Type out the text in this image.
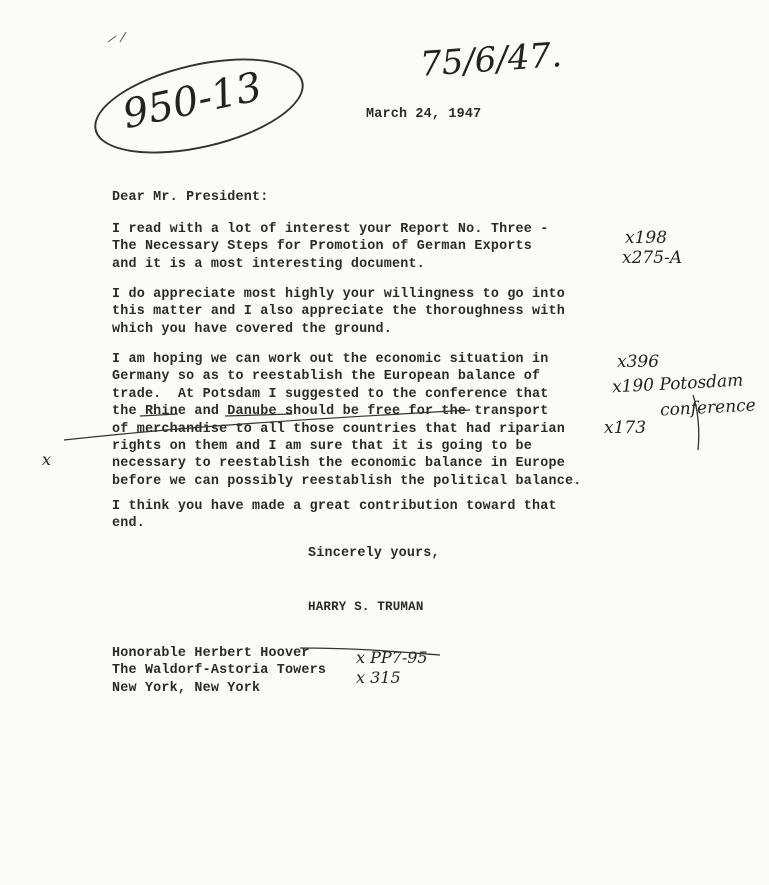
950-13
75/6/47.
March 24, 1947
Dear Mr. President:
I read with a lot of interest your Report No. Three -
The Necessary Steps for Promotion of German Exports
and it is a most interesting document.
I do appreciate most highly your willingness to go into
this matter and I also appreciate the thoroughness with
which you have covered the ground.
I am hoping we can work out the economic situation in
Germany so as to reestablish the European balance of
trade.  At Potsdam I suggested to the conference that
the Rhine and Danube should be free for the transport
of merchandise to all those countries that had riparian
rights on them and I am sure that it is going to be
necessary to reestablish the economic balance in Europe
before we can possibly reestablish the political balance.
I think you have made a great contribution toward that
end.
Sincerely yours,
HARRY S. TRUMAN
Honorable Herbert Hoover
The Waldorf-Astoria Towers
New York, New York
x198
x275-A
x396
x190 Potosdam
conference
x173
x
x PP7-95
x 315
